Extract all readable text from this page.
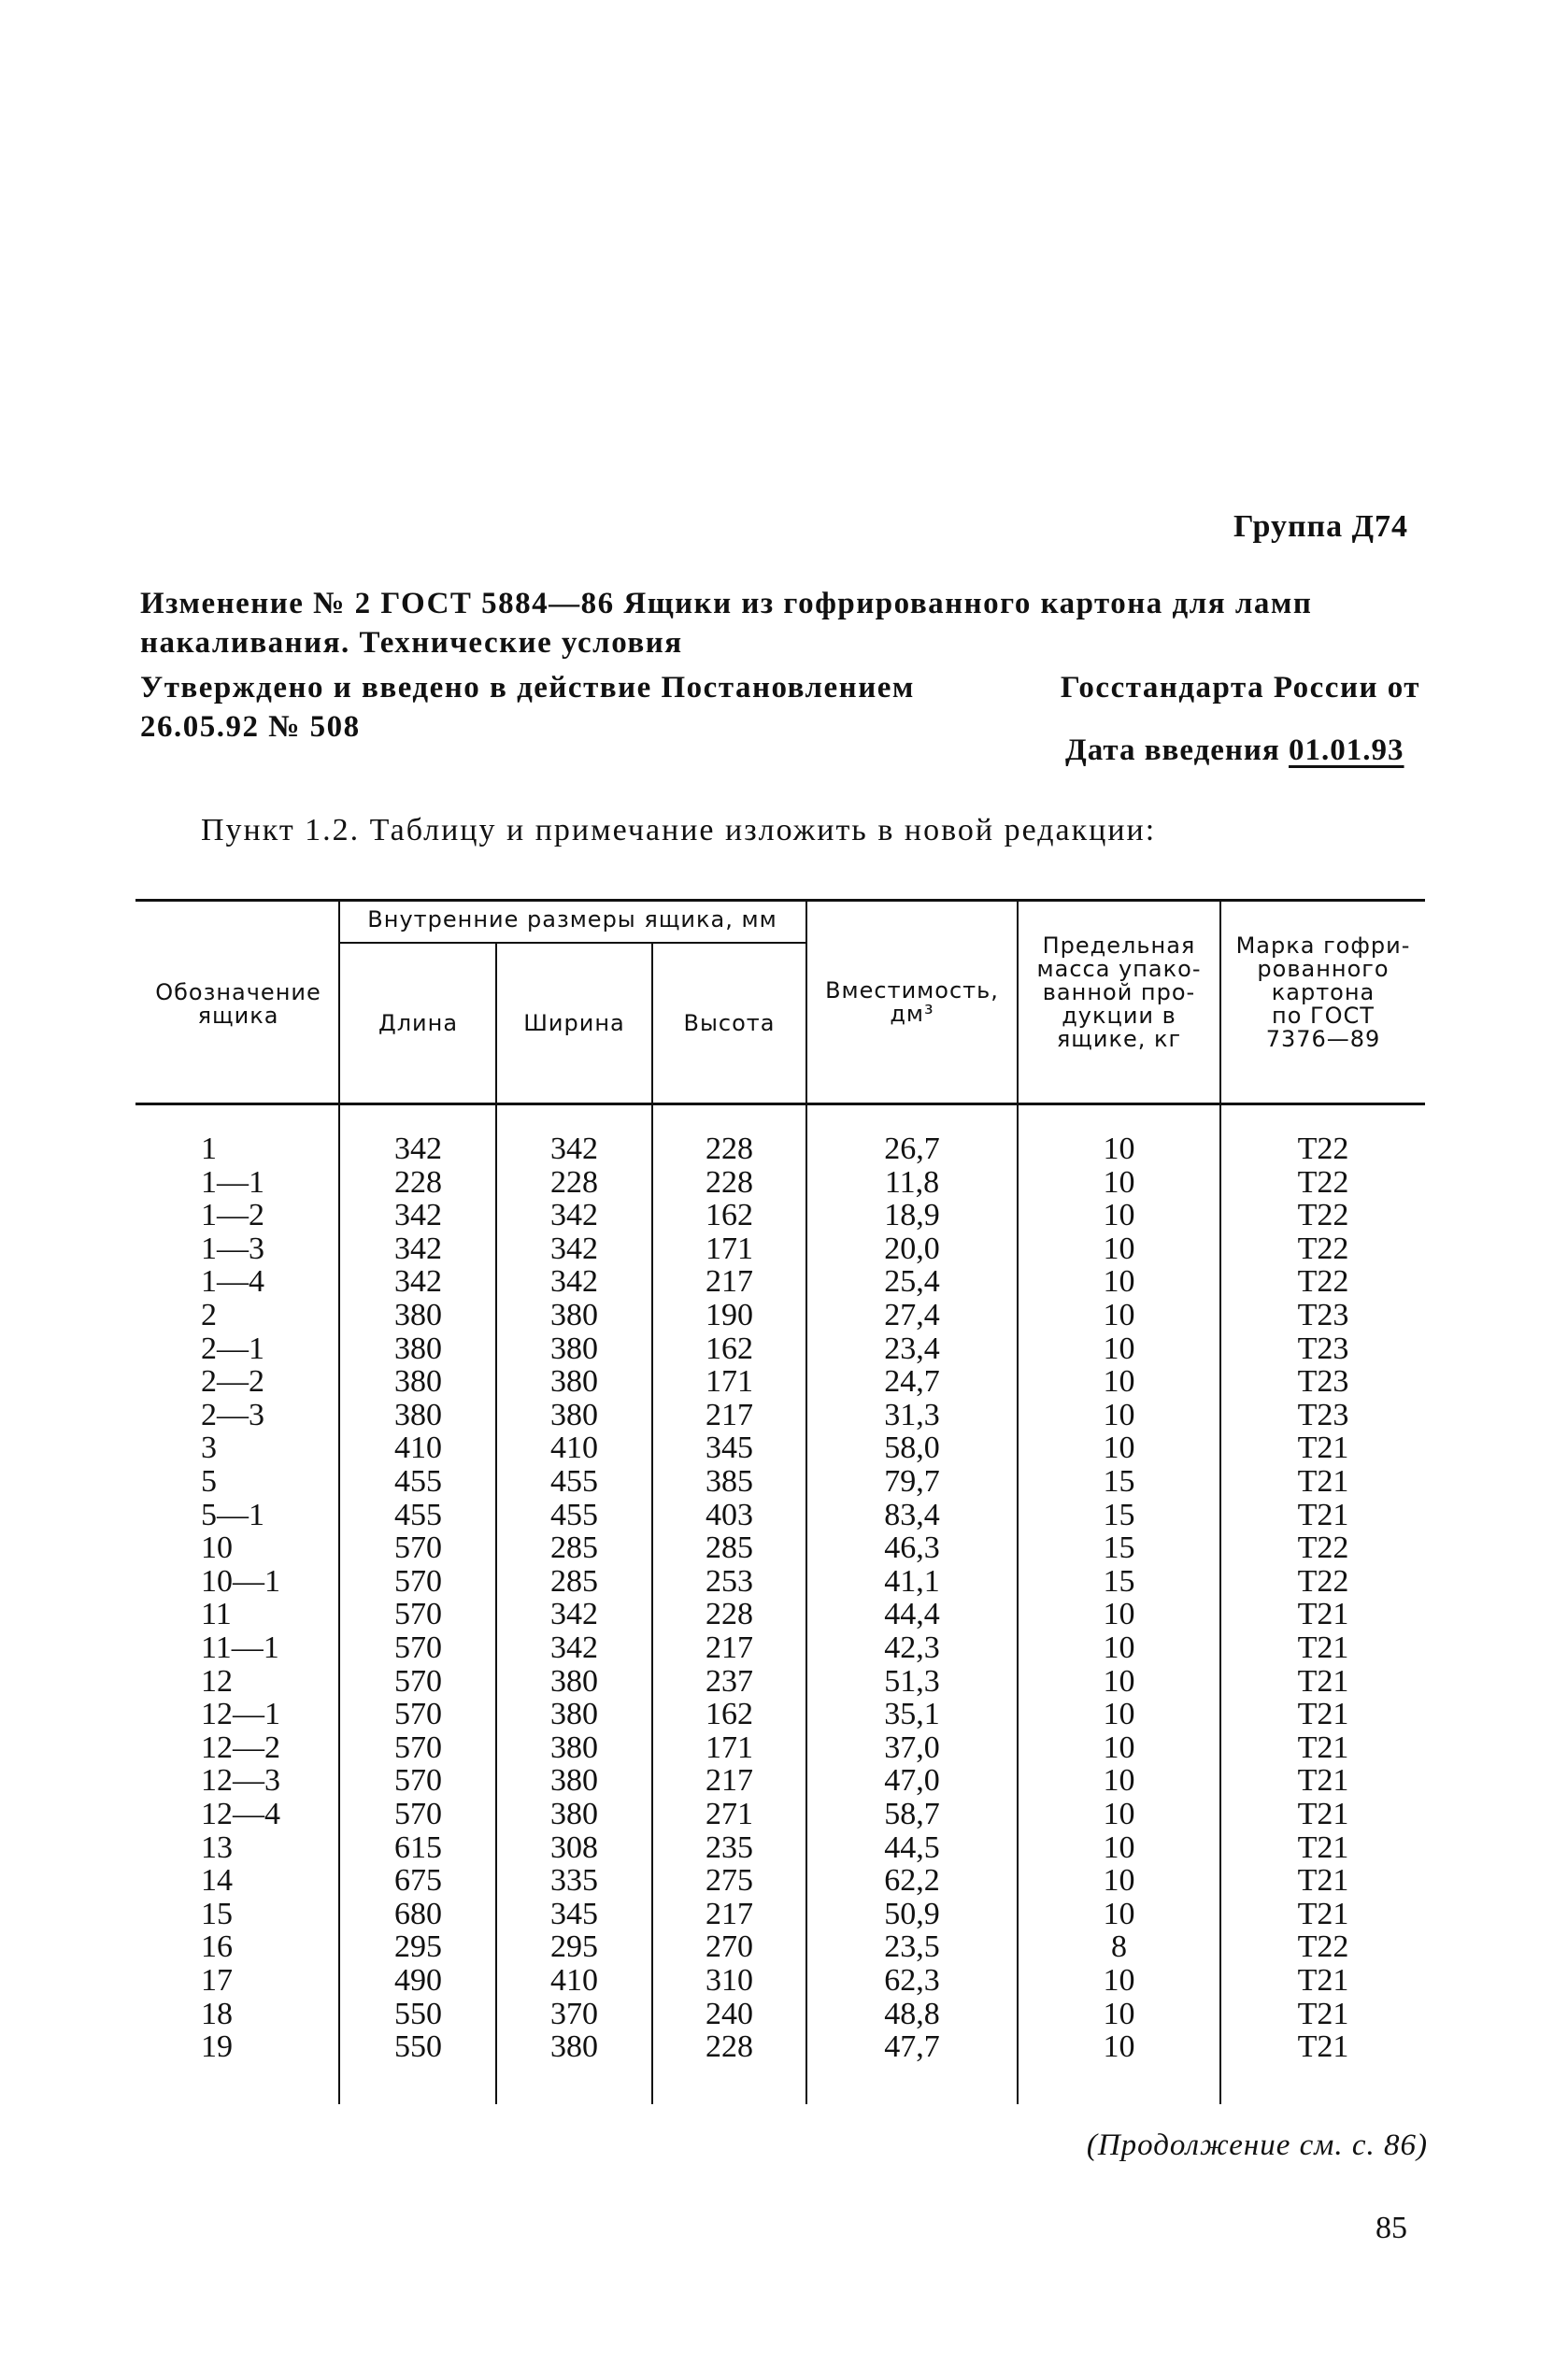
Группа Д74
Изменение № 2 ГОСТ 5884—86 Ящики из гофрированного картона для ламп накаливания. Технические условия
Утверждено и введено в действие Постановлением	Госстандарта России от
26.05.92 № 508
Дата введения 01.01.93
Пункт 1.2. Таблицу и примечание изложить в новой редакции:
Обозначение
ящика
Внутренние размеры ящика, мм
Длина	Ширина	Высота
Вместимость,
дм³
Предельная
масса упако-
ванной про-
дукции в
ящике, кг
Марка гофри-
рованного
картона
по ГОСТ
7376—89
1	342	342	228	26,7	10	Т22
1—1	228	228	228	11,8	10	Т22
1—2	342	342	162	18,9	10	Т22
1—3	342	342	171	20,0	10	Т22
1—4	342	342	217	25,4	10	Т22
2	380	380	190	27,4	10	Т23
2—1	380	380	162	23,4	10	Т23
2—2	380	380	171	24,7	10	Т23
2—3	380	380	217	31,3	10	Т23
3	410	410	345	58,0	10	Т21
5	455	455	385	79,7	15	Т21
5—1	455	455	403	83,4	15	Т21
10	570	285	285	46,3	15	Т22
10—1	570	285	253	41,1	15	Т22
11	570	342	228	44,4	10	Т21
11—1	570	342	217	42,3	10	Т21
12	570	380	237	51,3	10	Т21
12—1	570	380	162	35,1	10	Т21
12—2	570	380	171	37,0	10	Т21
12—3	570	380	217	47,0	10	Т21
12—4	570	380	271	58,7	10	Т21
13	615	308	235	44,5	10	Т21
14	675	335	275	62,2	10	Т21
15	680	345	217	50,9	10	Т21
16	295	295	270	23,5	8	Т22
17	490	410	310	62,3	10	Т21
18	550	370	240	48,8	10	Т21
19	550	380	228	47,7	10	Т21
(Продолжение см. с. 86)
85
